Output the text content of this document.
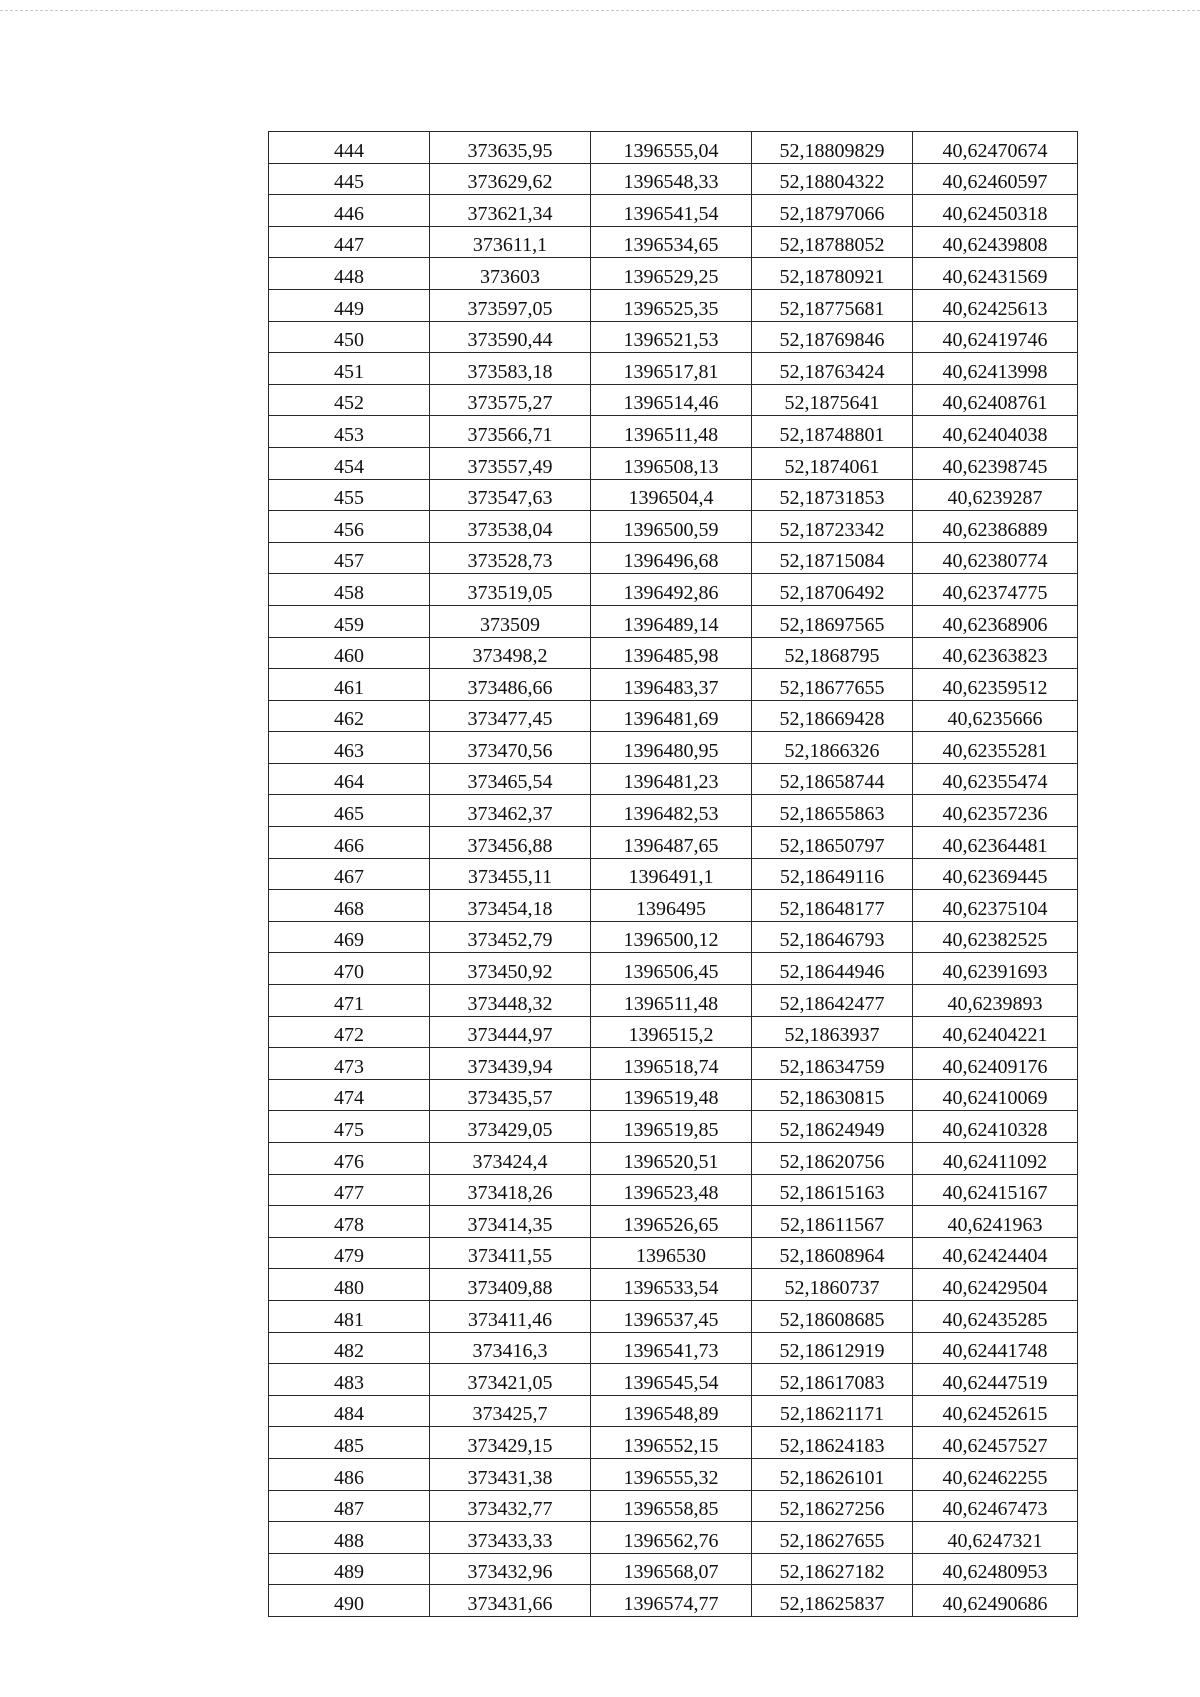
444	373635,95	1396555,04	52,18809829	40,62470674
445	373629,62	1396548,33	52,18804322	40,62460597
446	373621,34	1396541,54	52,18797066	40,62450318
447	373611,1	1396534,65	52,18788052	40,62439808
448	373603	1396529,25	52,18780921	40,62431569
449	373597,05	1396525,35	52,18775681	40,62425613
450	373590,44	1396521,53	52,18769846	40,62419746
451	373583,18	1396517,81	52,18763424	40,62413998
452	373575,27	1396514,46	52,1875641	40,62408761
453	373566,71	1396511,48	52,18748801	40,62404038
454	373557,49	1396508,13	52,1874061	40,62398745
455	373547,63	1396504,4	52,18731853	40,6239287
456	373538,04	1396500,59	52,18723342	40,62386889
457	373528,73	1396496,68	52,18715084	40,62380774
458	373519,05	1396492,86	52,18706492	40,62374775
459	373509	1396489,14	52,18697565	40,62368906
460	373498,2	1396485,98	52,1868795	40,62363823
461	373486,66	1396483,37	52,18677655	40,62359512
462	373477,45	1396481,69	52,18669428	40,6235666
463	373470,56	1396480,95	52,1866326	40,62355281
464	373465,54	1396481,23	52,18658744	40,62355474
465	373462,37	1396482,53	52,18655863	40,62357236
466	373456,88	1396487,65	52,18650797	40,62364481
467	373455,11	1396491,1	52,18649116	40,62369445
468	373454,18	1396495	52,18648177	40,62375104
469	373452,79	1396500,12	52,18646793	40,62382525
470	373450,92	1396506,45	52,18644946	40,62391693
471	373448,32	1396511,48	52,18642477	40,6239893
472	373444,97	1396515,2	52,1863937	40,62404221
473	373439,94	1396518,74	52,18634759	40,62409176
474	373435,57	1396519,48	52,18630815	40,62410069
475	373429,05	1396519,85	52,18624949	40,62410328
476	373424,4	1396520,51	52,18620756	40,62411092
477	373418,26	1396523,48	52,18615163	40,62415167
478	373414,35	1396526,65	52,18611567	40,6241963
479	373411,55	1396530	52,18608964	40,62424404
480	373409,88	1396533,54	52,1860737	40,62429504
481	373411,46	1396537,45	52,18608685	40,62435285
482	373416,3	1396541,73	52,18612919	40,62441748
483	373421,05	1396545,54	52,18617083	40,62447519
484	373425,7	1396548,89	52,18621171	40,62452615
485	373429,15	1396552,15	52,18624183	40,62457527
486	373431,38	1396555,32	52,18626101	40,62462255
487	373432,77	1396558,85	52,18627256	40,62467473
488	373433,33	1396562,76	52,18627655	40,6247321
489	373432,96	1396568,07	52,18627182	40,62480953
490	373431,66	1396574,77	52,18625837	40,62490686
